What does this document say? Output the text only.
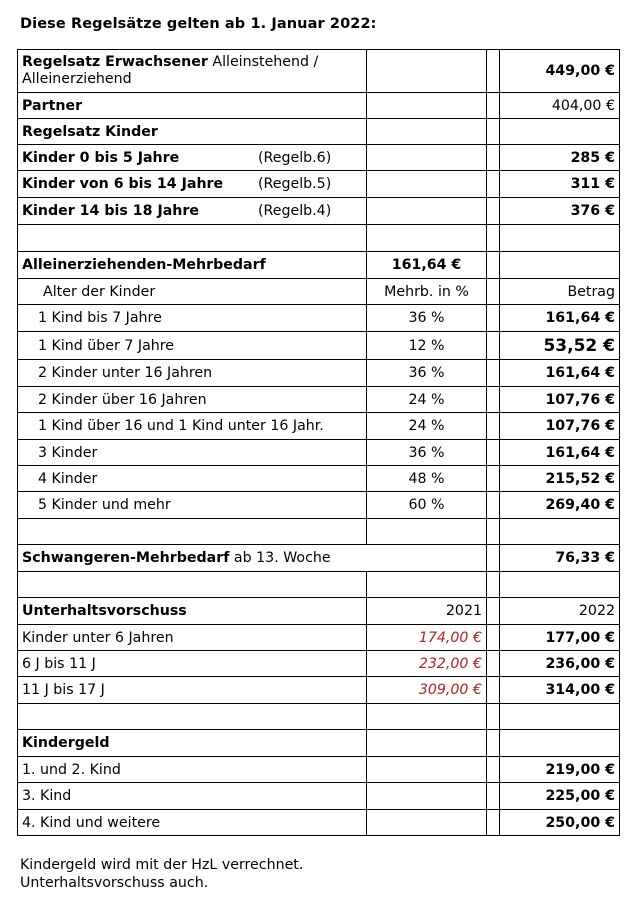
Diese Regelsätze gelten ab 1. Januar 2022:
Regelsatz Erwachsener Alleinstehend /
Alleinerziehend			449,00 €
Partner			404,00 €
Regelsatz Kinder			
Kinder 0 bis 5 Jahre (Regelb.6)			285 €
Kinder von 6 bis 14 Jahre (Regelb.5)			311 €
Kinder 14 bis 18 Jahre (Regelb.4)			376 €

Alleinerziehenden-Mehrbedarf	161,64 €		
Alter der Kinder	Mehrb. in %		Betrag
1 Kind bis 7 Jahre	36 %		161,64 €
1 Kind über 7 Jahre	12 %		53,52 €
2 Kinder unter 16 Jahren	36 %		161,64 €
2 Kinder über 16 Jahren	24 %		107,76 €
1 Kind über 16 und 1 Kind unter 16 Jahr.	24 %		107,76 €
3 Kinder	36 %		161,64 €
4 Kinder	48 %		215,52 €
5 Kinder und mehr	60 %		269,40 €

Schwangeren-Mehrbedarf ab 13. Woche			76,33 €

Unterhaltsvorschuss	2021		2022
Kinder unter 6 Jahren	174,00 €		177,00 €
6 J bis 11 J	232,00 €		236,00 €
11 J bis 17 J	309,00 €		314,00 €

Kindergeld			
1. und 2. Kind			219,00 €
3. Kind			225,00 €
4. Kind und weitere			250,00 €
Kindergeld wird mit der HzL verrechnet.
Unterhaltsvorschuss auch.
